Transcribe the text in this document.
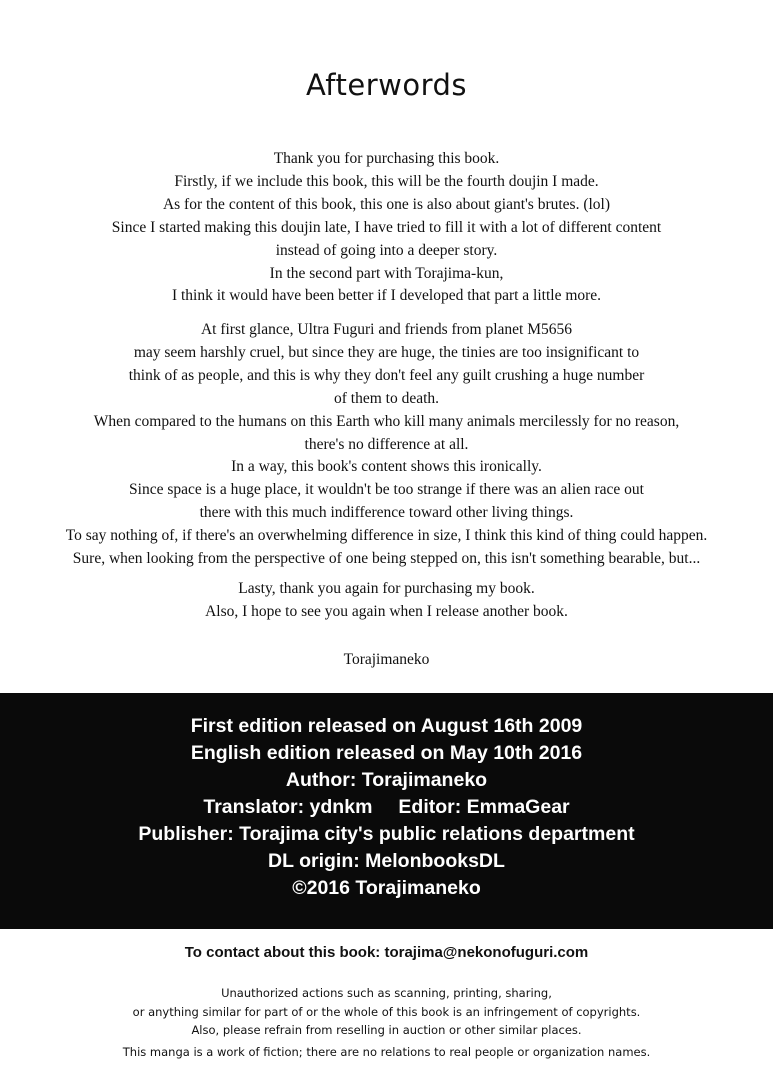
Afterwords
Thank you for purchasing this book.
Firstly, if we include this book, this will be the fourth doujin I made.
As for the content of this book, this one is also about giant's brutes. (lol)
Since I started making this doujin late, I have tried to fill it with a lot of different content
instead of going into a deeper story.
In the second part with Torajima-kun,
I think it would have been better if I developed that part a little more.
At first glance, Ultra Fuguri and friends from planet M5656
may seem harshly cruel, but since they are huge, the tinies are too insignificant to
think of as people, and this is why they don't feel any guilt crushing a huge number
of them to death.
When compared to the humans on this Earth who kill many animals mercilessly for no reason,
there's no difference at all.
In a way, this book's content shows this ironically.
Since space is a huge place, it wouldn't be too strange if there was an alien race out
there with this much indifference toward other living things.
To say nothing of, if there's an overwhelming difference in size, I think this kind of thing could happen.
Sure, when looking from the perspective of one being stepped on, this isn't something bearable, but...
Lasty, thank you again for purchasing my book.
Also, I hope to see you again when I release another book.
Torajimaneko
First edition released on August 16th 2009
English edition released on May 10th 2016
Author: Torajimaneko
Translator: ydnkm Editor: EmmaGear
Publisher: Torajima city's public relations department
DL origin: MelonbooksDL
©2016 Torajimaneko
To contact about this book: torajima@nekonofuguri.com
Unauthorized actions such as scanning, printing, sharing,
or anything similar for part of or the whole of this book is an infringement of copyrights.
Also, please refrain from reselling in auction or other similar places.
This manga is a work of fiction; there are no relations to real people or organization names.
